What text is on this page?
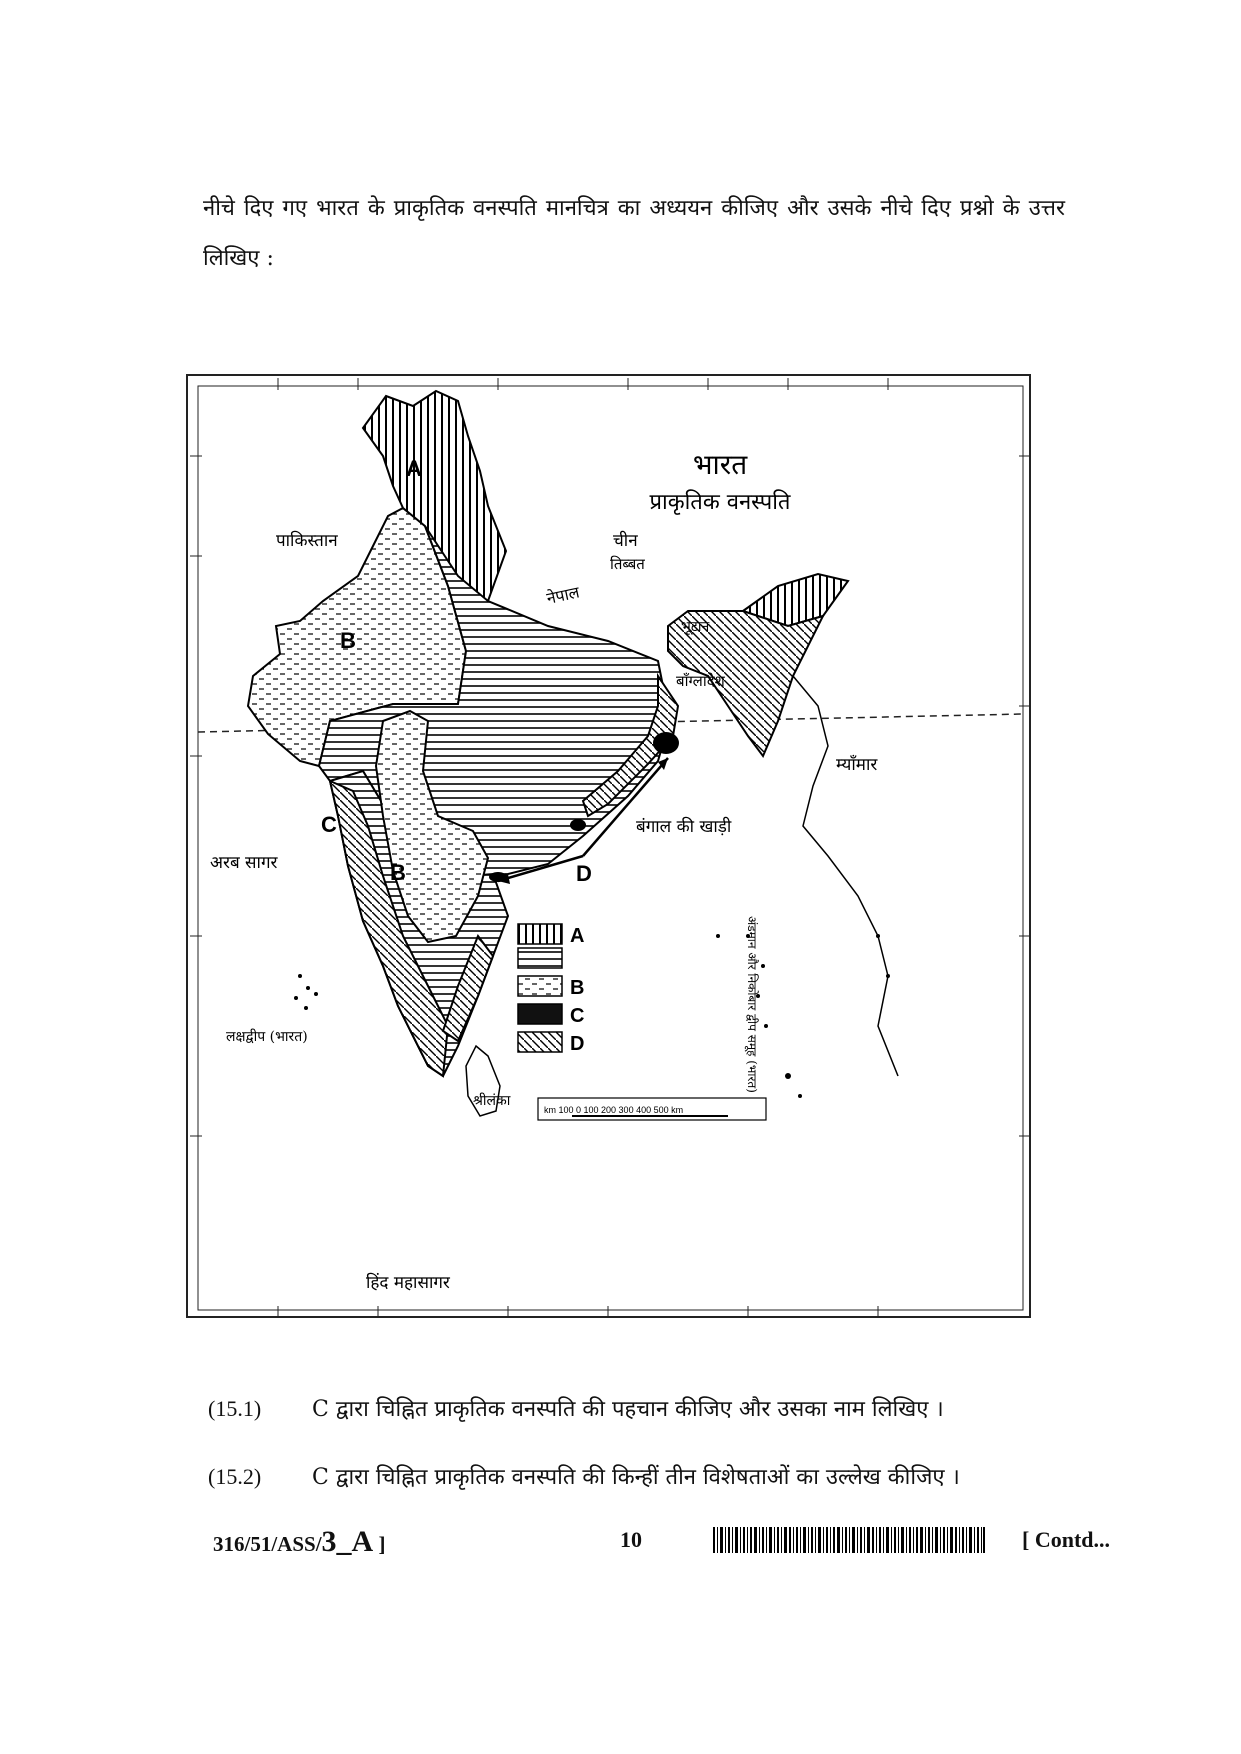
नीचे दिए गए भारत के प्राकृतिक वनस्पति मानचित्र का अध्ययन कीजिए और उसके नीचे दिए प्रश्नो के उत्तर लिखिए :
भारत
प्राकृतिक वनस्पति
पाकिस्तान	चीन
तिब्बत
नेपाल
भूटान
बाँग्लादेश
म्याँमार
बंगाल की खाड़ी
अरब सागर
लक्षद्वीप (भारत)
श्रीलंका
हिंद महासागर
अंडमान और निकोबार द्वीप समूह (भारत)
A
B
B
C
D
A
B
C
D
km 100 0 100 200 300 400 500 km
(15.1) C द्वारा चिह्नित प्राकृतिक वनस्पति की पहचान कीजिए और उसका नाम लिखिए ।
(15.2) C द्वारा चिह्नित प्राकृतिक वनस्पति की किन्हीं तीन विशेषताओं का उल्लेख कीजिए ।
316/51/ASS/3_A ]	10	[ Contd...
